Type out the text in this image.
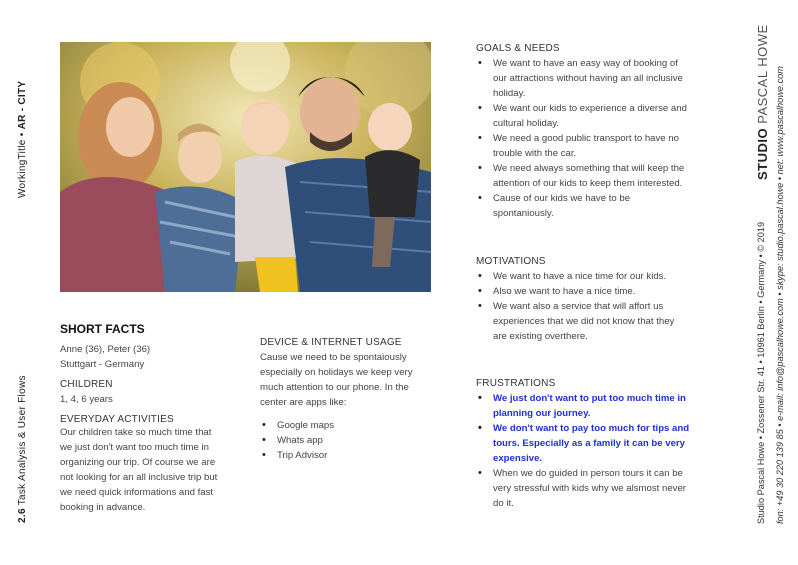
WorkingTitle • AR - CITY
2.6 Task Analysis & User Flows

SHORT FACTS

Anne (36), Peter (36)

Stuttgart - Germany

CHILDREN

1, 4, 6 years

EVERYDAY ACTIVITIES

Our children take so much time that

we just don't want too much time in

organizing our trip. Of course we are

not looking for an all inclusive trip but

we need quick informations and fast

booking in advance.

DEVICE & INTERNET USAGE

Cause we need to be spontaiously

especially on holidays we keep very

much attention to our phone. In the

center are apps like:

• Google maps
• Whats app
• Trip Advisor

GOALS & NEEDS

• We want to have an easy way of booking of
our attractions without having an all inclusive
holiday.
• We want our kids to experience a diverse and
cultural holiday.
• We need a good public transport to have no
trouble with the car.
• We need always something that will keep the
attention of our kids to keep them interested.
• Cause of our kids we have to be
spontaniously.

MOTIVATIONS

• We want to have a nice time for our kids.
• Also we want to have a nice time.
• We want also a service that will affort us
experiences that we did not know that they
are existing overthere.

FRUSTRATIONS

• We just don't want to put too much time in
planning our journey.
• We don't want to pay too much for tips and
tours. Especially as a family it can be very
expensive.
• When we do guided in person tours it can be
very stressful with kids why we alsmost never
do it.
STUDIO PASCAL HOWE
Studio Pascal Howe • Zossener Str. 41 • 10961 Berlin • Germany • © 2019 fon: +49 30 220 139 85 • e-mail: info@pascalhowe.com • skype: studio.pascal.howe • net: www.pascalhowe.com
